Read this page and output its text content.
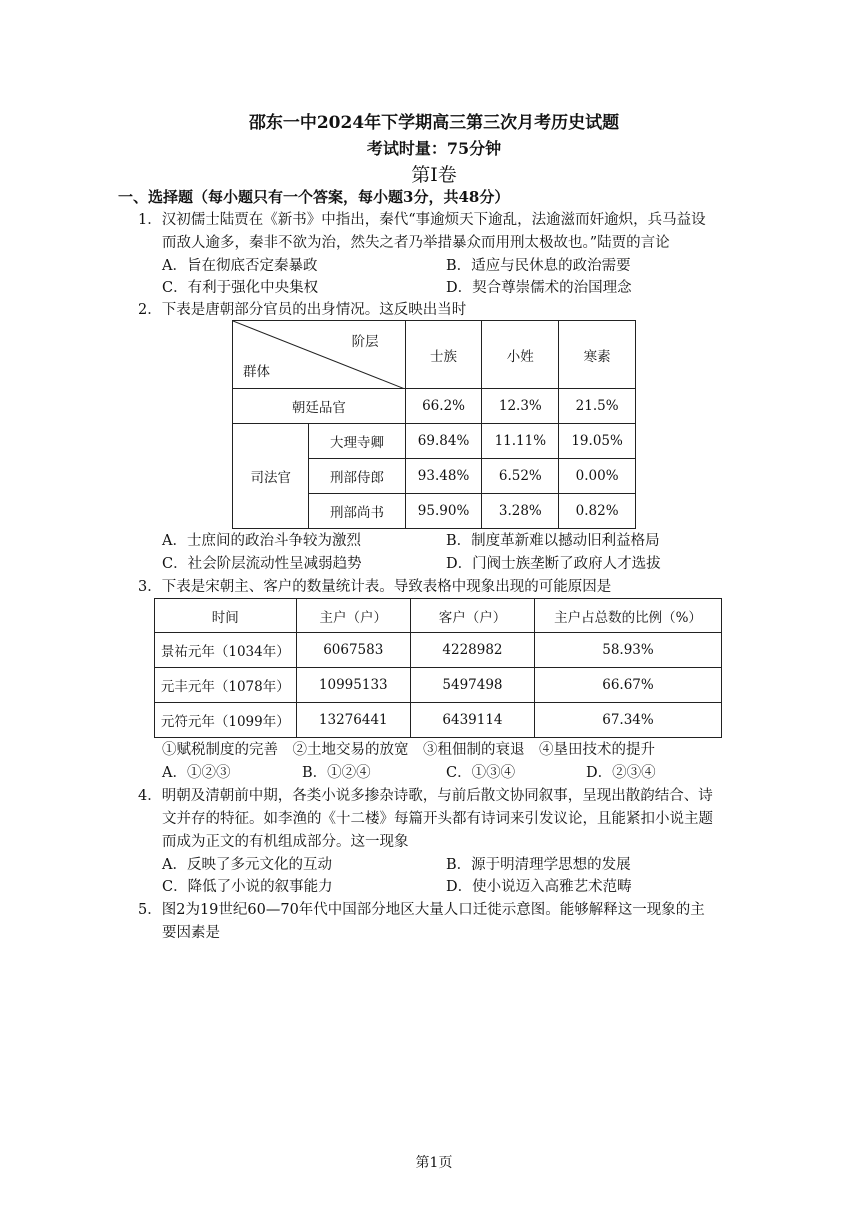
邵东一中2024年下学期高三第三次月考历史试题
考试时量：75分钟
第Ⅰ卷
一、选择题（每小题只有一个答案，每小题3分，共48分）
1．汉初儒士陆贾在《新书》中指出，秦代“事逾烦天下逾乱，法逾滋而奸逾炽，兵马益设
而敌人逾多，秦非不欲为治，然失之者乃举措暴众而用刑太极故也。”陆贾的言论
A．旨在彻底否定秦暴政	B．适应与民休息的政治需要
C．有利于强化中央集权	D．契合尊崇儒术的治国理念
2．下表是唐朝部分官员的出身情况。这反映出当时
阶层
群体		士族	小姓	寒素
朝廷品官		66.2%	12.3%	21.5%
司法官	大理寺卿	69.84%	11.11%	19.05%
	刑部侍郎	93.48%	6.52%	0.00%
	刑部尚书	95.90%	3.28%	0.82%
A．士庶间的政治斗争较为激烈	B．制度革新难以撼动旧利益格局
C．社会阶层流动性呈减弱趋势	D．门阀士族垄断了政府人才选拔
3．下表是宋朝主、客户的数量统计表。导致表格中现象出现的可能原因是
时间	主户（户）	客户（户）	主户占总数的比例（%）
景祐元年（1034年）	6067583	4228982	58.93%
元丰元年（1078年）	10995133	5497498	66.67%
元符元年（1099年）	13276441	6439114	67.34%
①赋税制度的完善　②土地交易的放宽　③租佃制的衰退　④垦田技术的提升
A．①②③	B．①②④	C．①③④	D．②③④
4．明朝及清朝前中期，各类小说多掺杂诗歌，与前后散文协同叙事，呈现出散韵结合、诗
文并存的特征。如李渔的《十二楼》每篇开头都有诗词来引发议论，且能紧扣小说主题
而成为正文的有机组成部分。这一现象
A．反映了多元文化的互动	B．源于明清理学思想的发展
C．降低了小说的叙事能力	D．使小说迈入高雅艺术范畴
5．图2为19世纪60—70年代中国部分地区大量人口迁徙示意图。能够解释这一现象的主
要因素是
第1页
